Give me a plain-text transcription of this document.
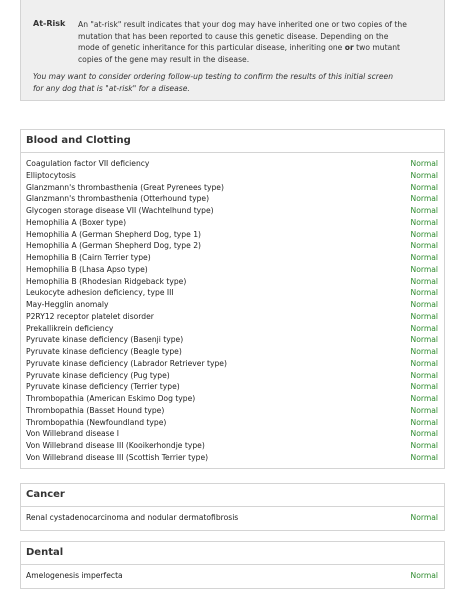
At-Risk An "at-risk" result indicates that your dog may have inherited one or two copies of the
mutation that has been reported to cause this genetic disease. Depending on the
mode of genetic inheritance for this particular disease, inheriting one or two mutant
copies of the gene may result in the disease.
You may want to consider ordering follow-up testing to confirm the results of this initial screen
for any dog that is "at-risk" for a disease.
Blood and Clotting
Coagulation factor VII deficiency	Normal
Elliptocytosis	Normal
Glanzmann's thrombasthenia (Great Pyrenees type)	Normal
Glanzmann's thrombasthenia (Otterhound type)	Normal
Glycogen storage disease VII (Wachtelhund type)	Normal
Hemophilia A (Boxer type)	Normal
Hemophilia A (German Shepherd Dog, type 1)	Normal
Hemophilia A (German Shepherd Dog, type 2)	Normal
Hemophilia B (Cairn Terrier type)	Normal
Hemophilia B (Lhasa Apso type)	Normal
Hemophilia B (Rhodesian Ridgeback type)	Normal
Leukocyte adhesion deficiency, type III	Normal
May-Hegglin anomaly	Normal
P2RY12 receptor platelet disorder	Normal
Prekallikrein deficiency	Normal
Pyruvate kinase deficiency (Basenji type)	Normal
Pyruvate kinase deficiency (Beagle type)	Normal
Pyruvate kinase deficiency (Labrador Retriever type)	Normal
Pyruvate kinase deficiency (Pug type)	Normal
Pyruvate kinase deficiency (Terrier type)	Normal
Thrombopathia (American Eskimo Dog type)	Normal
Thrombopathia (Basset Hound type)	Normal
Thrombopathia (Newfoundland type)	Normal
Von Willebrand disease I	Normal
Von Willebrand disease III (Kooikerhondje type)	Normal
Von Willebrand disease III (Scottish Terrier type)	Normal
Cancer
Renal cystadenocarcinoma and nodular dermatofibrosis	Normal
Dental
Amelogenesis imperfecta	Normal
